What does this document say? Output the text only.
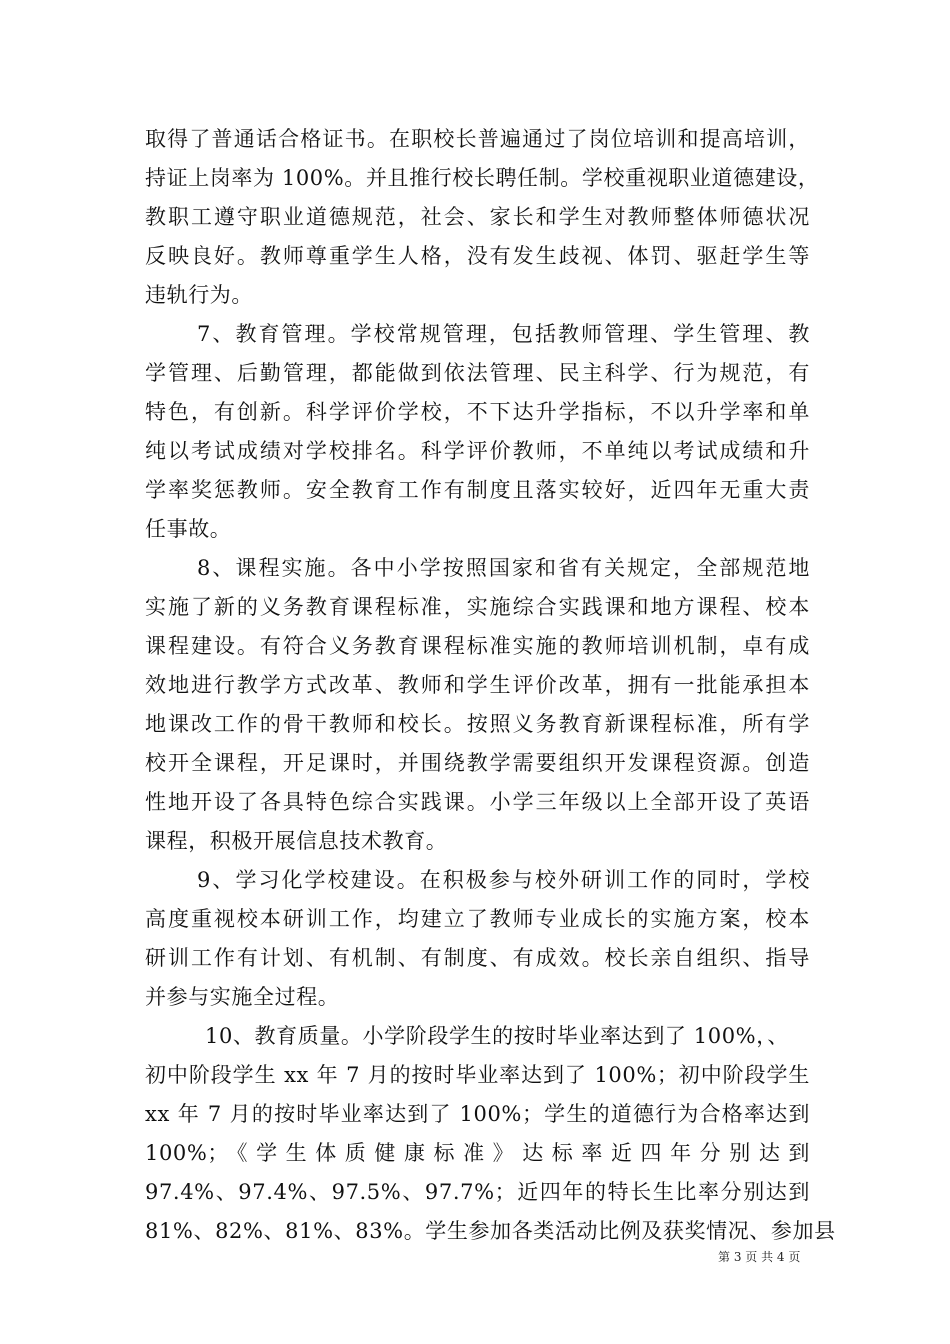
取得了普通话合格证书。在职校长普遍通过了岗位培训和提高培训，
持证上岗率为 100%。并且推行校长聘任制。学校重视职业道德建设，
教职工遵守职业道德规范，社会、家长和学生对教师整体师德状况
反映良好。教师尊重学生人格，没有发生歧视、体罚、驱赶学生等
违轨行为。
7、教育管理。学校常规管理，包括教师管理、学生管理、教
学管理、后勤管理，都能做到依法管理、民主科学、行为规范，有
特色，有创新。科学评价学校，不下达升学指标，不以升学率和单
纯以考试成绩对学校排名。科学评价教师，不单纯以考试成绩和升
学率奖惩教师。安全教育工作有制度且落实较好，近四年无重大责
任事故。
8、课程实施。各中小学按照国家和省有关规定，全部规范地
实施了新的义务教育课程标准，实施综合实践课和地方课程、校本
课程建设。有符合义务教育课程标准实施的教师培训机制，卓有成
效地进行教学方式改革、教师和学生评价改革，拥有一批能承担本
地课改工作的骨干教师和校长。按照义务教育新课程标准，所有学
校开全课程，开足课时，并围绕教学需要组织开发课程资源。创造
性地开设了各具特色综合实践课。小学三年级以上全部开设了英语
课程，积极开展信息技术教育。
9、学习化学校建设。在积极参与校外研训工作的同时，学校
高度重视校本研训工作，均建立了教师专业成长的实施方案，校本
研训工作有计划、有机制、有制度、有成效。校长亲自组织、指导
并参与实施全过程。
10、教育质量。小学阶段学生的按时毕业率达到了 100%，、
初中阶段学生 xx 年 7 月的按时毕业率达到了 100%；初中阶段学生
xx 年 7 月的按时毕业率达到了 100%；学生的道德行为合格率达到
100%；《学生体质健康标准》达标率近四年分别达到
97.4%、97.4%、97.5%、97.7%；近四年的特长生比率分别达到
81%、82%、81%、83%。学生参加各类活动比例及获奖情况、参加县
第 3 页 共 4 页
